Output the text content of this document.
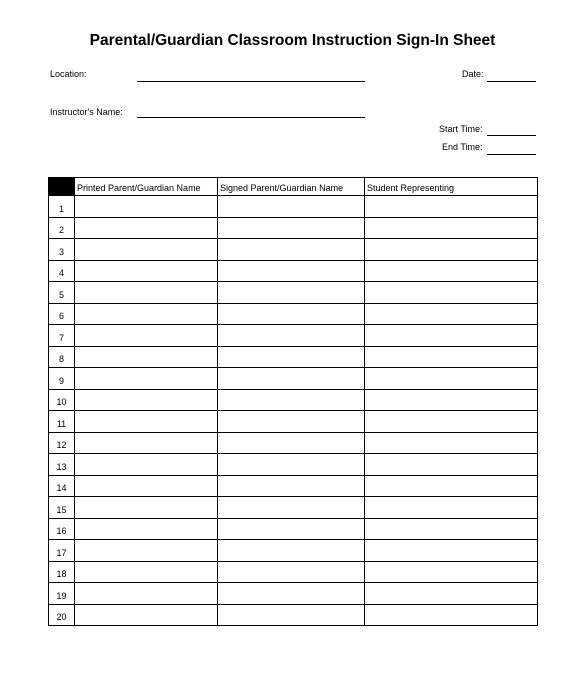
Parental/Guardian Classroom Instruction Sign-In Sheet
Location:	Date:
Instructor's Name:
Start Time:
End Time:
	Printed Parent/Guardian Name	Signed Parent/Guardian Name	Student Representing
1			
2			
3			
4			
5			
6			
7			
8			
9			
10			
11			
12			
13			
14			
15			
16			
17			
18			
19			
20			
